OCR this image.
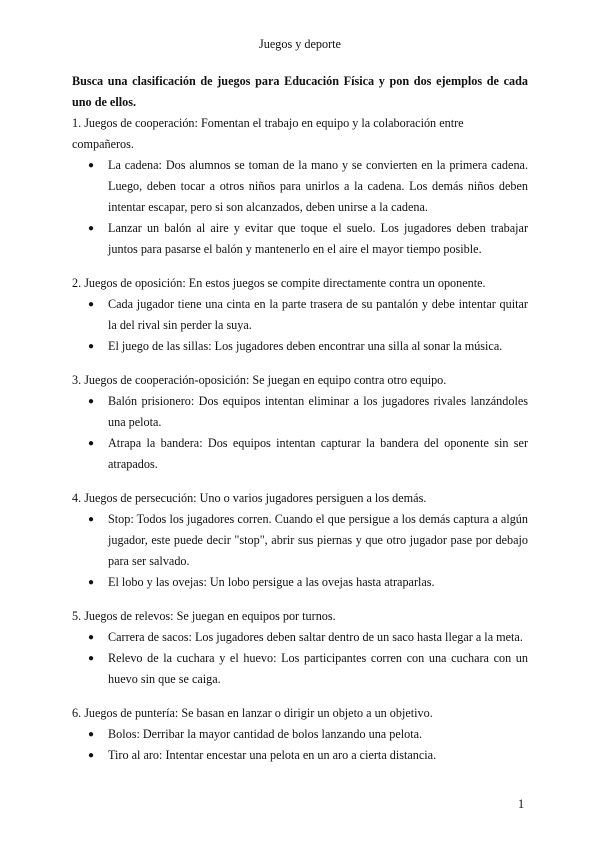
Juegos y deporte

Busca una clasificación de juegos para Educación Física y pon dos ejemplos de cada uno de ellos.

1. Juegos de cooperación: Fomentan el trabajo en equipo y la colaboración entre compañeros.

● La cadena: Dos alumnos se toman de la mano y se convierten en la primera cadena. Luego, deben tocar a otros niños para unirlos a la cadena. Los demás niños deben intentar escapar, pero si son alcanzados, deben unirse a la cadena.
● Lanzar un balón al aire y evitar que toque el suelo. Los jugadores deben trabajar juntos para pasarse el balón y mantenerlo en el aire el mayor tiempo posible.

2. Juegos de oposición: En estos juegos se compite directamente contra un oponente.

● Cada jugador tiene una cinta en la parte trasera de su pantalón y debe intentar quitar la del rival sin perder la suya.
● El juego de las sillas: Los jugadores deben encontrar una silla al sonar la música.

3. Juegos de cooperación-oposición: Se juegan en equipo contra otro equipo.

● Balón prisionero: Dos equipos intentan eliminar a los jugadores rivales lanzándoles una pelota.
● Atrapa la bandera: Dos equipos intentan capturar la bandera del oponente sin ser atrapados.

4. Juegos de persecución: Uno o varios jugadores persiguen a los demás.

● Stop: Todos los jugadores corren. Cuando el que persigue a los demás captura a algún jugador, este puede decir "stop", abrir sus piernas y que otro jugador pase por debajo para ser salvado.
● El lobo y las ovejas: Un lobo persigue a las ovejas hasta atraparlas.

5. Juegos de relevos: Se juegan en equipos por turnos.

● Carrera de sacos: Los jugadores deben saltar dentro de un saco hasta llegar a la meta.
● Relevo de la cuchara y el huevo: Los participantes corren con una cuchara con un huevo sin que se caiga.

6. Juegos de puntería: Se basan en lanzar o dirigir un objeto a un objetivo.

● Bolos: Derribar la mayor cantidad de bolos lanzando una pelota.
● Tiro al aro: Intentar encestar una pelota en un aro a cierta distancia.
1
